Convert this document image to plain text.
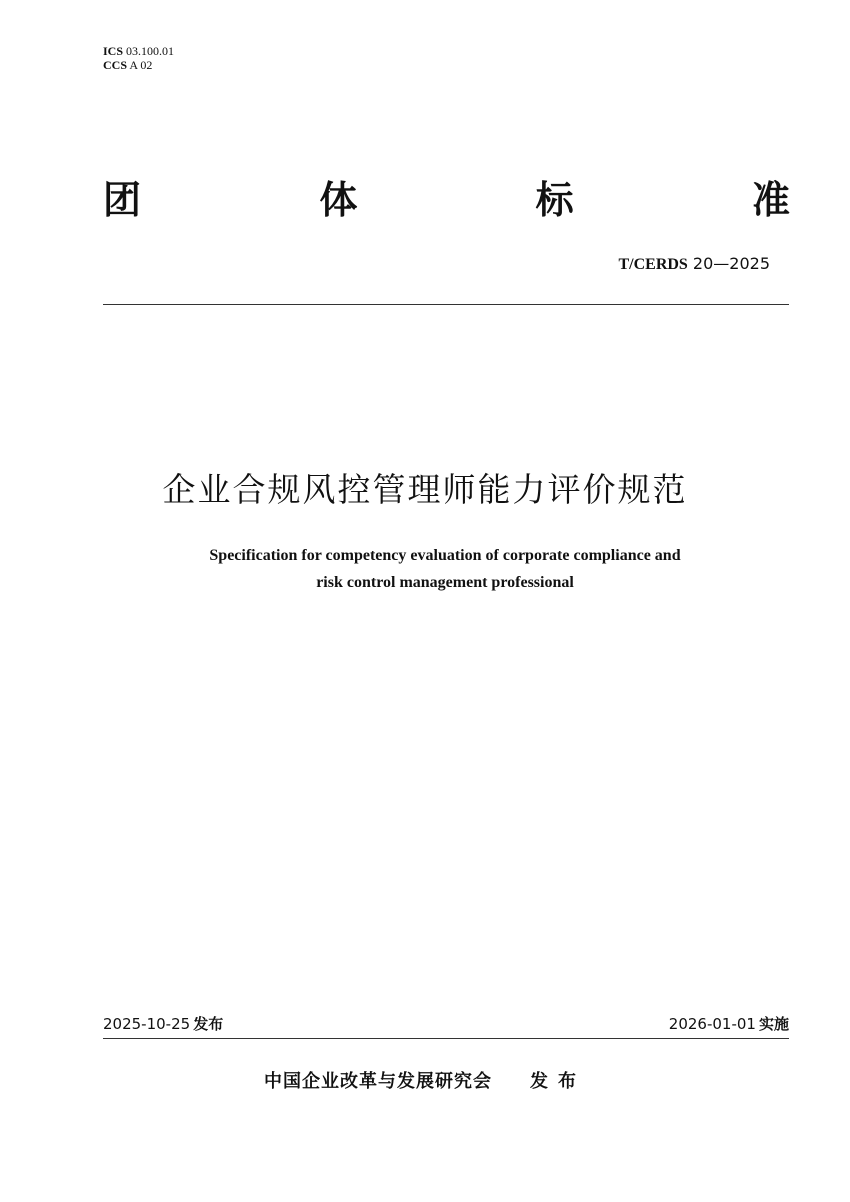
ICS 03.100.01
CCS A 02
团	体	标	准
T/CERDS 20—2025
企业合规风控管理师能力评价规范
Specification for competency evaluation of corporate compliance and
risk control management professional
2025-10-25 发布	2026-01-01 实施
中国企业改革与发展研究会 发布
